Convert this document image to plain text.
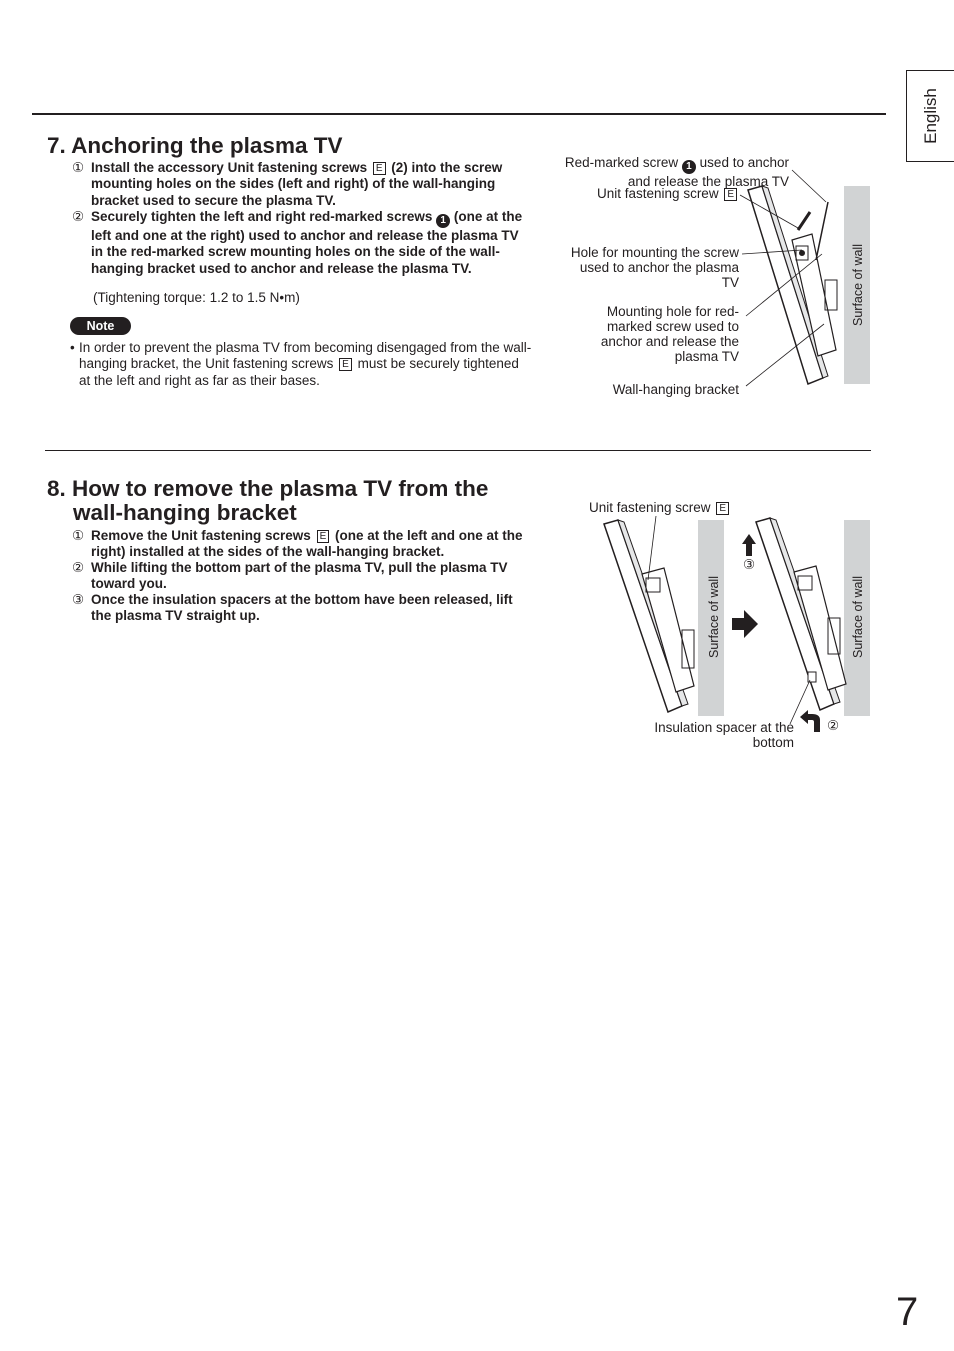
English
7. Anchoring the plasma TV
① Install the accessory Unit fastening screws E (2) into the screw mounting holes on the sides (left and right) of the wall-hanging bracket used to secure the plasma TV.
② Securely tighten the left and right red-marked screws 1 (one at the left and one at the right) used to anchor and release the plasma TV in the red-marked screw mounting holes on the side of the wall-hanging bracket used to anchor and release the plasma TV.
(Tightening torque: 1.2 to 1.5 N•m)
Note
• In order to prevent the plasma TV from becoming disengaged from the wall-hanging bracket, the Unit fastening screws E must be securely tightened at the left and right as far as their bases.
Surface of wall
Red-marked screw 1 used to anchor
and release the plasma TV
Unit fastening screw E
Hole for mounting the screw
used to anchor the plasma
TV
Mounting hole for red-
marked screw used to
anchor and release the
plasma TV
Wall-hanging bracket
8. How to remove the plasma TV from the
wall-hanging bracket
① Remove the Unit fastening screws E (one at the left and one at the right) installed at the sides of the wall-hanging bracket.
② While lifting the bottom part of the plasma TV, pull the plasma TV toward you.
③ Once the insulation spacers at the bottom have been released, lift the plasma TV straight up.	Surface of wall	Surface of wall
Unit fastening screw E
③
②
Insulation spacer at the
bottom
7
